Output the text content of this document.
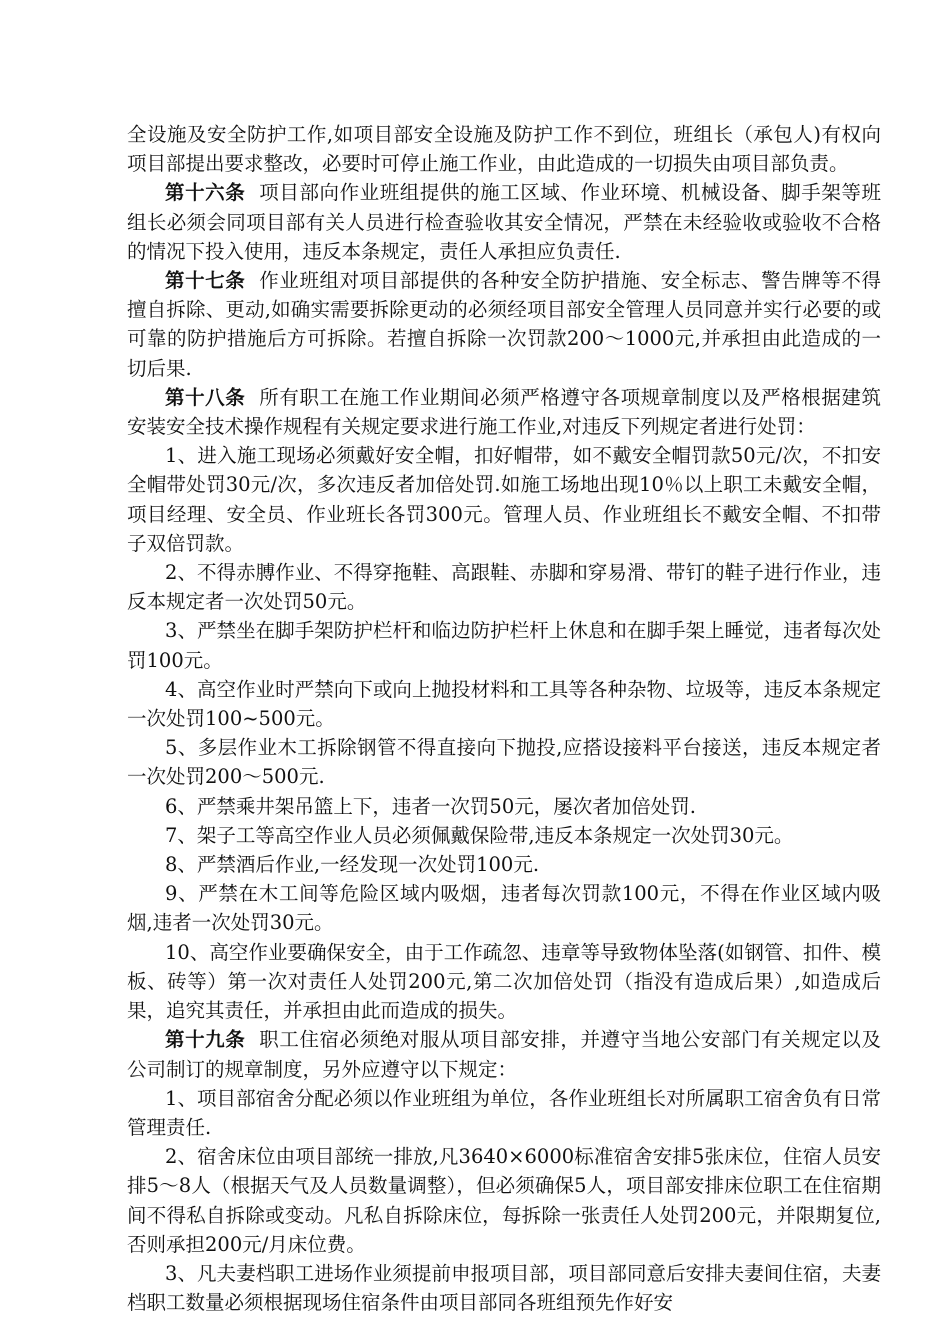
全设施及安全防护工作,如项目部安全设施及防护工作不到位，班组长（承包人)有权向项目部提出要求整改，必要时可停止施工作业，由此造成的一切损失由项目部负责。

第十六条 项目部向作业班组提供的施工区域、作业环境、机械设备、脚手架等班组长必须会同项目部有关人员进行检查验收其安全情况，严禁在未经验收或验收不合格的情况下投入使用，违反本条规定，责任人承担应负责任.

第十七条 作业班组对项目部提供的各种安全防护措施、安全标志、警告牌等不得擅自拆除、更动,如确实需要拆除更动的必须经项目部安全管理人员同意并实行必要的或可靠的防护措施后方可拆除。若擅自拆除一次罚款200～1000元,并承担由此造成的一切后果.

第十八条 所有职工在施工作业期间必须严格遵守各项规章制度以及严格根据建筑安装安全技术操作规程有关规定要求进行施工作业,对违反下列规定者进行处罚：

1、进入施工现场必须戴好安全帽，扣好帽带，如不戴安全帽罚款50元/次，不扣安全帽带处罚30元/次，多次违反者加倍处罚.如施工场地出现10％以上职工未戴安全帽，项目经理、安全员、作业班长各罚300元。管理人员、作业班组长不戴安全帽、不扣带子双倍罚款。

2、不得赤膊作业、不得穿拖鞋、高跟鞋、赤脚和穿易滑、带钉的鞋子进行作业，违反本规定者一次处罚50元。

3、严禁坐在脚手架防护栏杆和临边防护栏杆上休息和在脚手架上睡觉，违者每次处罚100元。

4、高空作业时严禁向下或向上抛投材料和工具等各种杂物、垃圾等，违反本条规定一次处罚100~500元。

5、多层作业木工拆除钢管不得直接向下抛投,应搭设接料平台接送，违反本规定者一次处罚200～500元.

6、严禁乘井架吊篮上下，违者一次罚50元，屡次者加倍处罚.

7、架子工等高空作业人员必须佩戴保险带,违反本条规定一次处罚30元。

8、严禁酒后作业,一经发现一次处罚100元.

9、严禁在木工间等危险区域内吸烟，违者每次罚款100元，不得在作业区域内吸烟,违者一次处罚30元。

10、高空作业要确保安全，由于工作疏忽、违章等导致物体坠落(如钢管、扣件、模板、砖等）第一次对责任人处罚200元,第二次加倍处罚（指没有造成后果）,如造成后果，追究其责任，并承担由此而造成的损失。

第十九条 职工住宿必须绝对服从项目部安排，并遵守当地公安部门有关规定以及公司制订的规章制度，另外应遵守以下规定：

1、项目部宿舍分配必须以作业班组为单位，各作业班组长对所属职工宿舍负有日常管理责任.

2、宿舍床位由项目部统一排放,凡3640×6000标准宿舍安排5张床位，住宿人员安排5～8人（根据天气及人员数量调整），但必须确保5人，项目部安排床位职工在住宿期间不得私自拆除或变动。凡私自拆除床位，每拆除一张责任人处罚200元，并限期复位,否则承担200元/月床位费。

3、凡夫妻档职工进场作业须提前申报项目部，项目部同意后安排夫妻间住宿，夫妻档职工数量必须根据现场住宿条件由项目部同各班组预先作好安
